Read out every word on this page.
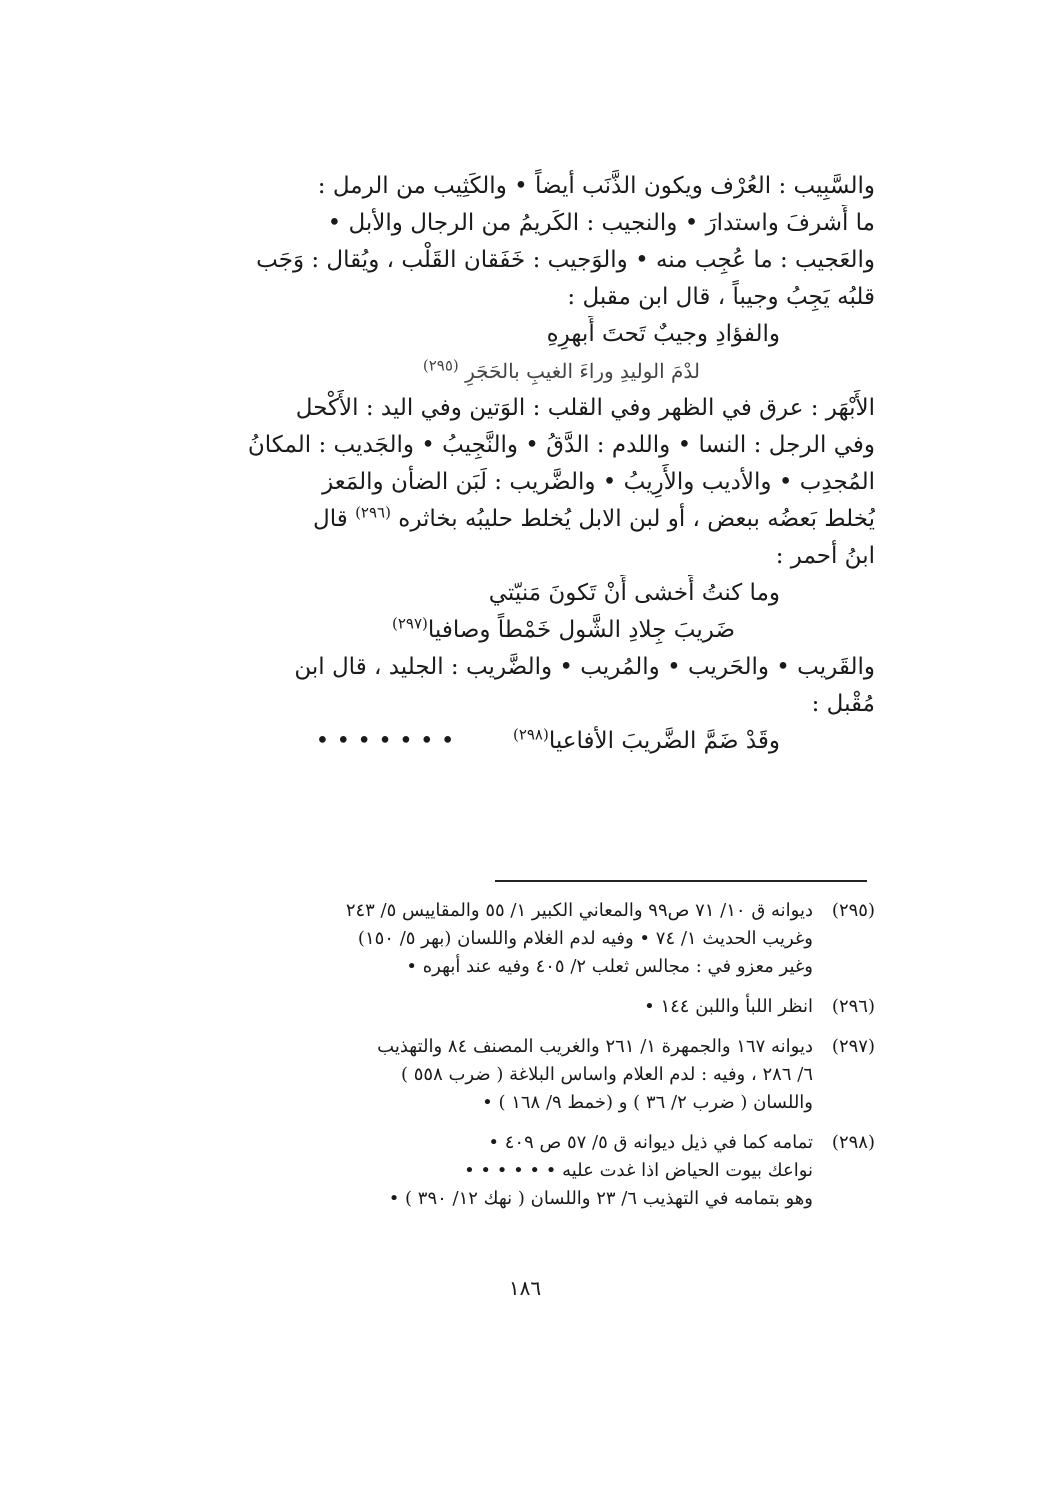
والسَّبِيب : العُرْف ويكون الذَّنَب أيضاً • والكَثِيب من الرمل :
ما أَشرفَ واستدارَ • والنجيب : الكَريمُ من الرجال والأبل •
والعَجيب : ما عُجِب منه • والوَجيب : خَفَقان القَلْب ، ويُقال : وَجَب
قلبُه يَجِبُ وجيباً ، قال ابن مقبل :
والفؤادِ وجيبٌ تَحتَ أَبهرِهِ
لدْمَ الوليدِ وراءَ الغيبِ بالحَجَرِ $^{(٢٩٥)}$
الأَبْهَر : عرق في الظهر وفي القلب : الوَتين وفي اليد : الأَكْحل
وفي الرجل : النسا • واللدم : الدَّقُ • والنَّجِيبُ • والجَديب : المكانُ
المُجدِب • والأديب والأَرِيبُ • والضَّريب : لَبَن الضأن والمَعز
يُخلط بَعضُه ببعض ، أو لبن الابل يُخلط حليبُه بخاثره $^{(٢٩٦)}$ قال
ابنُ أحمر :
وما كنتُ أَخشى أَنْ تَكونَ مَنيّتي
ضَريبَ جِلادِ الشَّول خَمْطاً وصافيا$^{(٢٩٧)}$
والقَريب • والحَريب • والمُريب • والضَّريب : الجليد ، قال ابن
مُقْبل :
وقَدْ ضَمَّ الضَّريبَ الأفاعيا$^{(٢٩٨)}$        • • • • • • •
(٢٩٥)
ديوانه ق ١٠/ ٧١ ص٩٩ والمعاني الكبير ١/ ٥٥ والمقاييس ٥/ ٢٤٣
وغريب الحديث ١/ ٧٤ • وفيه لدم الغلام واللسان (بهر ٥/ ١٥٠)
وغير معزو في : مجالس ثعلب ٢/ ٤٠٥ وفيه عند أبهره •
(٢٩٦)
انظر اللبأ واللبن ١٤٤ •
(٢٩٧)
ديوانه ١٦٧ والجمهرة ١/ ٢٦١ والغريب المصنف ٨٤ والتهذيب
٦/ ٢٨٦ ، وفيه : لدم العلام واساس البلاغة ( ضرب ٥٥٨ )
واللسان ( ضرب ٢/ ٣٦ ) و (خمط ٩/ ١٦٨ ) •
(٢٩٨)
تمامه كما في ذيل ديوانه ق ٥/ ٥٧ ص ٤٠٩ •
نواعك بيوت الحياض اذا غدت عليه • • • • • •
وهو بتمامه في التهذيب ٦/ ٢٣ واللسان ( نهك ١٢/ ٣٩٠ ) •
١٨٦
